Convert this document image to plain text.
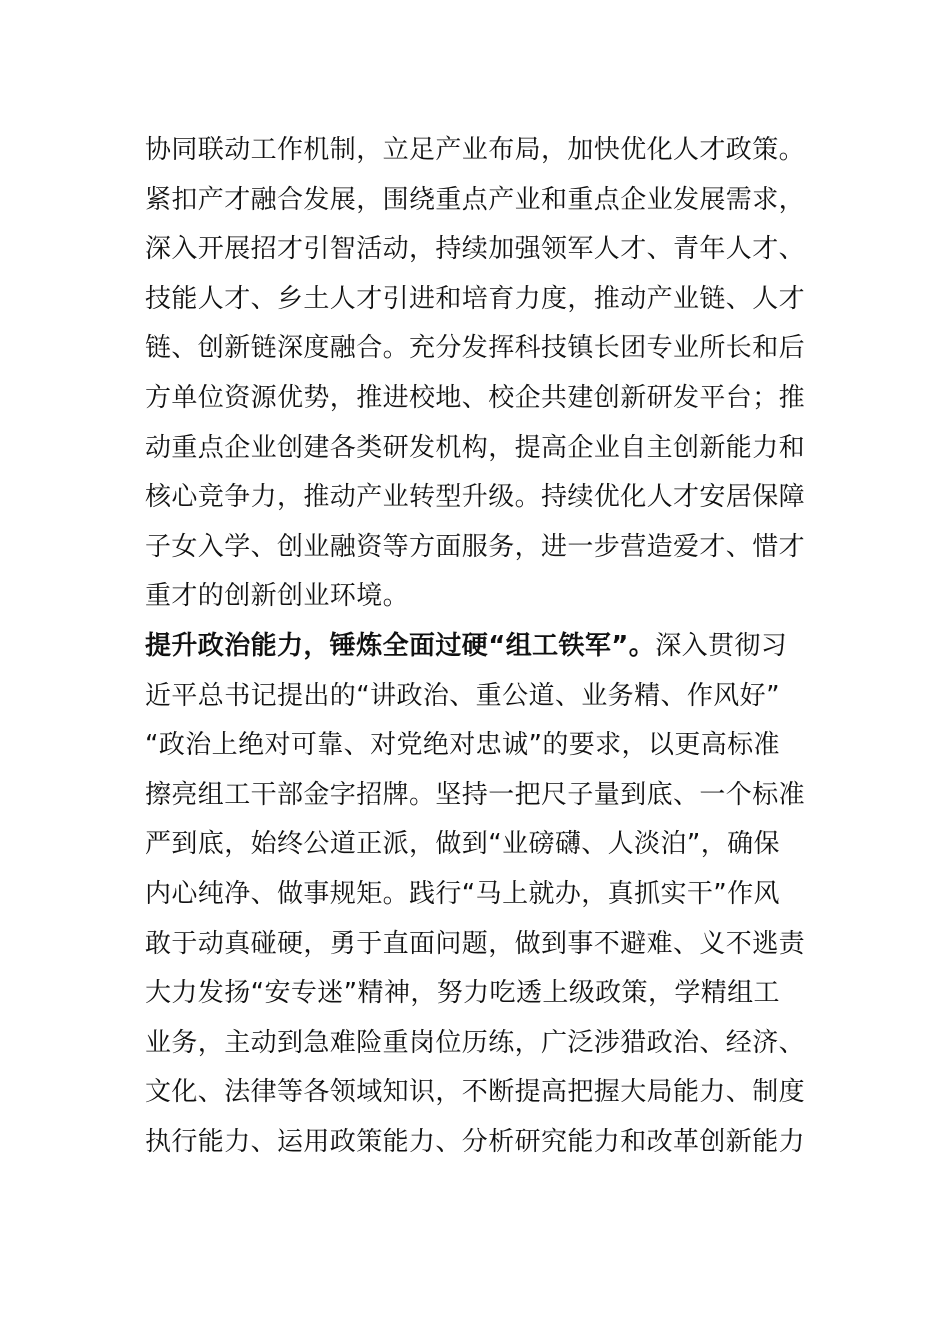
协同联动工作机制，立足产业布局，加快优化人才政策。
紧扣产才融合发展，围绕重点产业和重点企业发展需求，
深入开展招才引智活动，持续加强领军人才、青年人才、
技能人才、乡土人才引进和培育力度，推动产业链、人才
链、创新链深度融合。充分发挥科技镇长团专业所长和后
方单位资源优势，推进校地、校企共建创新研发平台；推
动重点企业创建各类研发机构，提高企业自主创新能力和
核心竞争力，推动产业转型升级。持续优化人才安居保障
子女入学、创业融资等方面服务，进一步营造爱才、惜才
重才的创新创业环境。
提升政治能力，锤炼全面过硬“组工铁军”。深入贯彻习
近平总书记提出的“讲政治、重公道、业务精、作风好”
“政治上绝对可靠、对党绝对忠诚”的要求，以更高标准
擦亮组工干部金字招牌。坚持一把尺子量到底、一个标准
严到底，始终公道正派，做到“业磅礴、人淡泊”，确保
内心纯净、做事规矩。践行“马上就办，真抓实干”作风
敢于动真碰硬，勇于直面问题，做到事不避难、义不逃责
大力发扬“安专迷”精神，努力吃透上级政策，学精组工
业务，主动到急难险重岗位历练，广泛涉猎政治、经济、
文化、法律等各领域知识，不断提高把握大局能力、制度
执行能力、运用政策能力、分析研究能力和改革创新能力
